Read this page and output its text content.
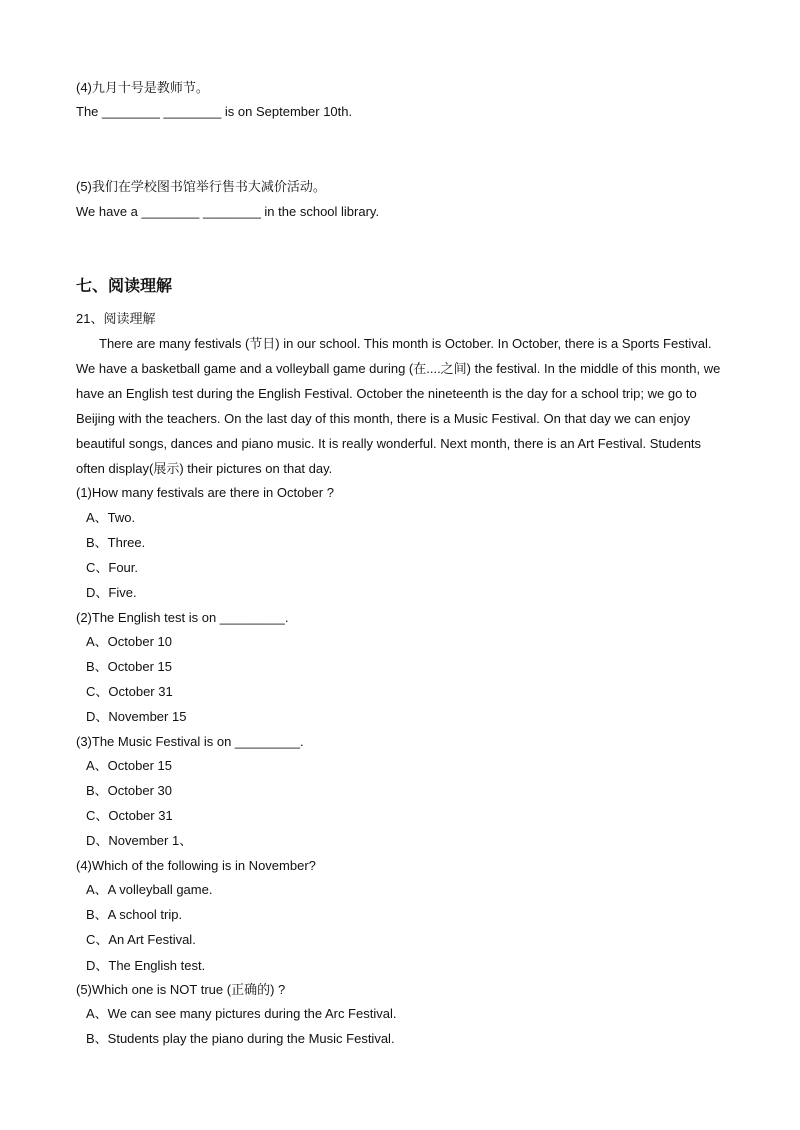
(4)九月十号是教师节。
The ________ ________ is on September 10th.
(5)我们在学校图书馆举行售书大减价活动。
We have a ________ ________ in the school library.
七、阅读理解
21、阅读理解
There are many festivals (节日) in our school. This month is October. In October, there is a Sports Festival.
We have a basketball game and a volleyball game during (在....之间) the festival. In the middle of this month, we
have an English test during the English Festival. October the nineteenth is the day for a school trip; we go to
Beijing with the teachers. On the last day of this month, there is a Music Festival. On that day we can enjoy
beautiful songs, dances and piano music. It is really wonderful. Next month, there is an Art Festival. Students
often display(展示) their pictures on that day.
(1)How many festivals are there in October ?
A、Two.
B、Three.
C、Four.
D、Five.
(2)The English test is on _________.
A、October 10
B、October 15
C、October 31
D、November 15
(3)The Music Festival is on _________.
A、October 15
B、October 30
C、October 31
D、November 1、
(4)Which of the following is in November?
A、A volleyball game.
B、A school trip.
C、An Art Festival.
D、The English test.
(5)Which one is NOT true (正确的) ?
A、We can see many pictures during the Arc Festival.
B、Students play the piano during the Music Festival.
